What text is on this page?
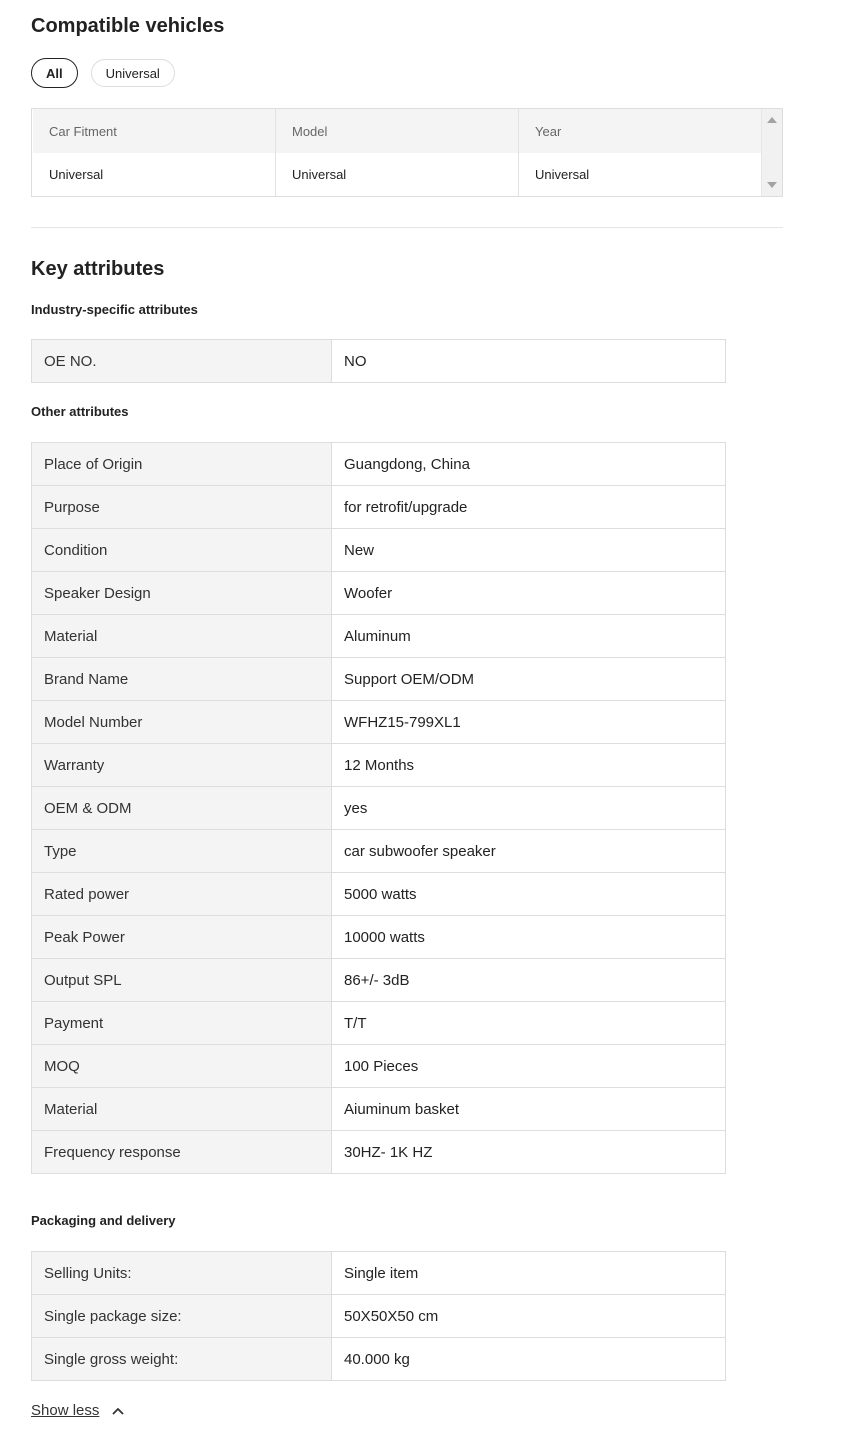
Compatible vehicles
All	Universal
Car Fitment	Model	Year
Universal	Universal	Universal
Key attributes
Industry-specific attributes
OE NO.	NO
Other attributes
Place of Origin	Guangdong, China
Purpose	for retrofit/upgrade
Condition	New
Speaker Design	Woofer
Material	Aluminum
Brand Name	Support OEM/ODM
Model Number	WFHZ15-799XL1
Warranty	12 Months
OEM & ODM	yes
Type	car subwoofer speaker
Rated power	5000 watts
Peak Power	10000 watts
Output SPL	86+/- 3dB
Payment	T/T
MOQ	100 Pieces
Material	Aiuminum basket
Frequency response	30HZ- 1K HZ
Packaging and delivery
Selling Units:	Single item
Single package size:	50X50X50 cm
Single gross weight:	40.000 kg
Show less
